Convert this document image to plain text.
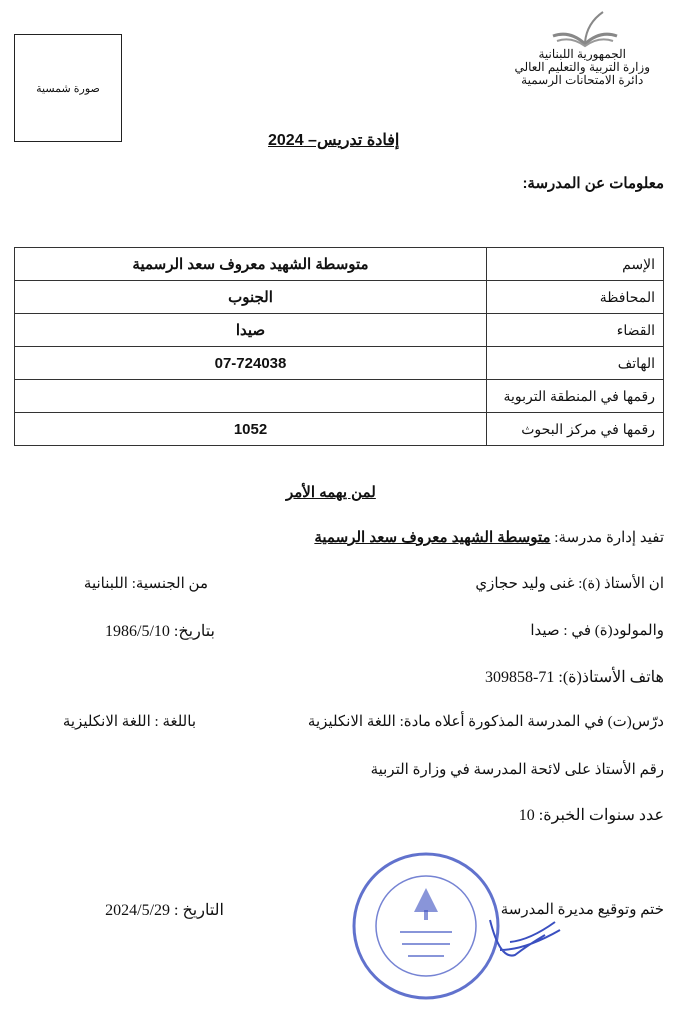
صورة شمسية
الجمهورية اللبنانية
وزارة التربية والتعليم العالي
دائرة الامتحانات الرسمية
إفادة تدريس– 2024
معلومات عن المدرسة:
الإسم	متوسطة الشهيد معروف سعد الرسمية
المحافظة	الجنوب
القضاء	صيدا
الهاتف	07-724038
رقمها في المنطقة التربوية	
رقمها في مركز البحوث	1052
لمن يهمه الأمر
تفيد إدارة مدرسة: متوسطة الشهيد معروف سعد الرسمية
ان الأستاذ (ة): غنى وليد حجازي
من الجنسية: اللبنانية
والمولود(ة) في : صيدا
بتاريخ: 1986/5/10
هاتف الأستاذ(ة): 71-309858
درّس(ت) في المدرسة المذكورة أعلاه مادة: اللغة الانكليزية
باللغة : اللغة الانكليزية
رقم الأستاذ على لائحة المدرسة في وزارة التربية
عدد سنوات الخبرة: 10
ختم وتوقيع مديرة المدرسة
التاريخ : 2024/5/29
